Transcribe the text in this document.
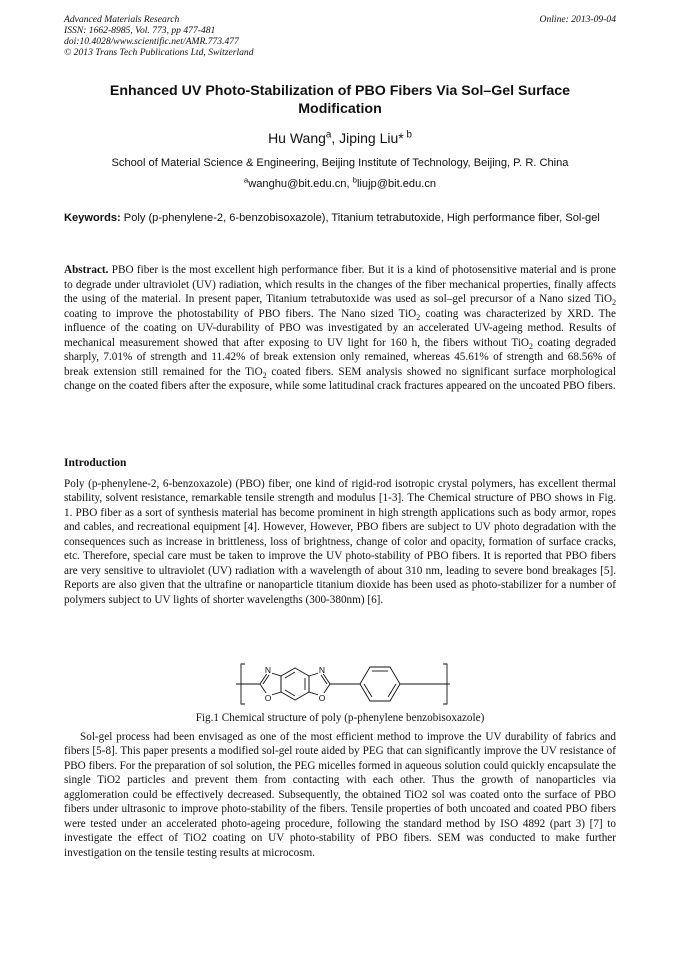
Advanced Materials Research
ISSN: 1662-8985, Vol. 773, pp 477-481
doi:10.4028/www.scientific.net/AMR.773.477
© 2013 Trans Tech Publications Ltd, Switzerland
Online: 2013-09-04
Enhanced UV Photo-Stabilization of PBO Fibers Via Sol–Gel Surface
Modification
Hu Wang$^a$, Jiping Liu* $^b$
School of Material Science & Engineering, Beijing Institute of Technology, Beijing, P. R. China
$^a$wanghu@bit.edu.cn, $^b$liujp@bit.edu.cn
Keywords: Poly (p-phenylene-2, 6-benzobisoxazole), Titanium tetrabutoxide, High performance fiber, Sol-gel

Abstract. PBO fiber is the most excellent high performance fiber. But it is a kind of photosensitive material and is prone to degrade under ultraviolet (UV) radiation, which results in the changes of the fiber mechanical properties, finally affects the using of the material. In present paper, Titanium tetrabutoxide was used as sol–gel precursor of a Nano sized TiO$_2$ coating to improve the photostability of PBO fibers. The Nano sized TiO$_2$ coating was characterized by XRD. The influence of the coating on UV-durability of PBO was investigated by an accelerated UV-ageing method. Results of mechanical measurement showed that after exposing to UV light for 160 h, the fibers without TiO$_2$ coating degraded sharply, 7.01% of strength and 11.42% of break extension only remained, whereas 45.61% of strength and 68.56% of break extension still remained for the TiO$_2$ coated fibers. SEM analysis showed no significant surface morphological change on the coated fibers after the exposure, while some latitudinal crack fractures appeared on the uncoated PBO fibers.

Introduction

Poly (p-phenylene-2, 6-benzoxazole) (PBO) fiber, one kind of rigid-rod isotropic crystal polymers, has excellent thermal stability, solvent resistance, remarkable tensile strength and modulus [1-3]. The Chemical structure of PBO shows in Fig. 1. PBO fiber as a sort of synthesis material has become prominent in high strength applications such as body armor, ropes and cables, and recreational equipment [4]. However, However, PBO fibers are subject to UV photo degradation with the consequences such as increase in brittleness, loss of brightness, change of color and opacity, formation of surface cracks, etc. Therefore, special care must be taken to improve the UV photo-stability of PBO fibers. It is reported that PBO fibers are very sensitive to ultraviolet (UV) radiation with a wavelength of about 310 nm, leading to severe bond breakages [5]. Reports are also given that the ultrafine or nanoparticle titanium dioxide has been used as photo-stabilizer for a number of polymers subject to UV lights of shorter wavelengths (300-380nm) [6].

N
O
N
O
Fig.1 Chemical structure of poly (p-phenylene benzobisoxazole)

Sol-gel process had been envisaged as one of the most efficient method to improve the UV durability of fabrics and fibers [5-8]. This paper presents a modified sol-gel route aided by PEG that can significantly improve the UV resistance of PBO fibers. For the preparation of sol solution, the PEG micelles formed in aqueous solution could quickly encapsulate the single TiO2 particles and prevent them from contacting with each other. Thus the growth of nanoparticles via agglomeration could be effectively decreased. Subsequently, the obtained TiO2 sol was coated onto the surface of PBO fibers under ultrasonic to improve photo-stability of the fibers. Tensile properties of both uncoated and coated PBO fibers were tested under an accelerated photo-ageing procedure, following the standard method by ISO 4892 (part 3) [7] to investigate the effect of TiO2 coating on UV photo-stability of PBO fibers. SEM was conducted to make further investigation on the tensile testing results at microcosm.
